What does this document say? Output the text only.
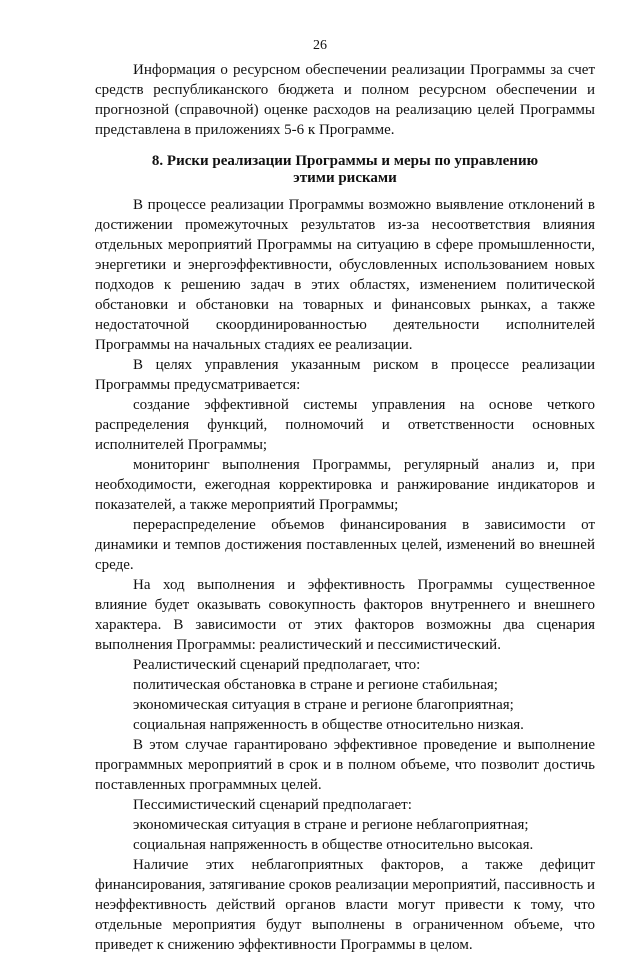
26

Информация о ресурсном обеспечении реализации Программы за счет средств республиканского бюджета и полном ресурсном обеспечении и прогнозной (справочной) оценке расходов на реализацию целей Программы представлена в приложениях 5-6 к Программе.

8. Риски реализации Программы и меры по управлению
этими рисками

В процессе реализации Программы возможно выявление отклонений в достижении промежуточных результатов из-за несоответствия влияния отдельных мероприятий Программы на ситуацию в сфере промышленности, энергетики и энергоэффективности, обусловленных использованием новых подходов к решению задач в этих областях, изменением политической обстановки и обстановки на товарных и финансовых рынках, а также недостаточной скоординированностью деятельности исполнителей Программы на начальных стадиях ее реализации.

В целях управления указанным риском в процессе реализации Программы предусматривается:

создание эффективной системы управления на основе четкого распределения функций, полномочий и ответственности основных исполнителей Программы;

мониторинг выполнения Программы, регулярный анализ и, при необходимости, ежегодная корректировка и ранжирование индикаторов и показателей, а также мероприятий Программы;

перераспределение объемов финансирования в зависимости от динамики и темпов достижения поставленных целей, изменений во внешней среде.

На ход выполнения и эффективность Программы существенное влияние будет оказывать совокупность факторов внутреннего и внешнего характера. В зависимости от этих факторов возможны два сценария выполнения Программы: реалистический и пессимистический.

Реалистический сценарий предполагает, что:

политическая обстановка в стране и регионе стабильная;

экономическая ситуация в стране и регионе благоприятная;

социальная напряженность в обществе относительно низкая.

В этом случае гарантировано эффективное проведение и выполнение программных мероприятий в срок и в полном объеме, что позволит достичь поставленных программных целей.

Пессимистический сценарий предполагает:

экономическая ситуация в стране и регионе неблагоприятная;

социальная напряженность в обществе относительно высокая.

Наличие этих неблагоприятных факторов, а также дефицит финансирования, затягивание сроков реализации мероприятий, пассивность и неэффективность действий органов власти могут привести к тому, что отдельные мероприятия будут выполнены в ограниченном объеме, что приведет к снижению эффективности Программы в целом.
